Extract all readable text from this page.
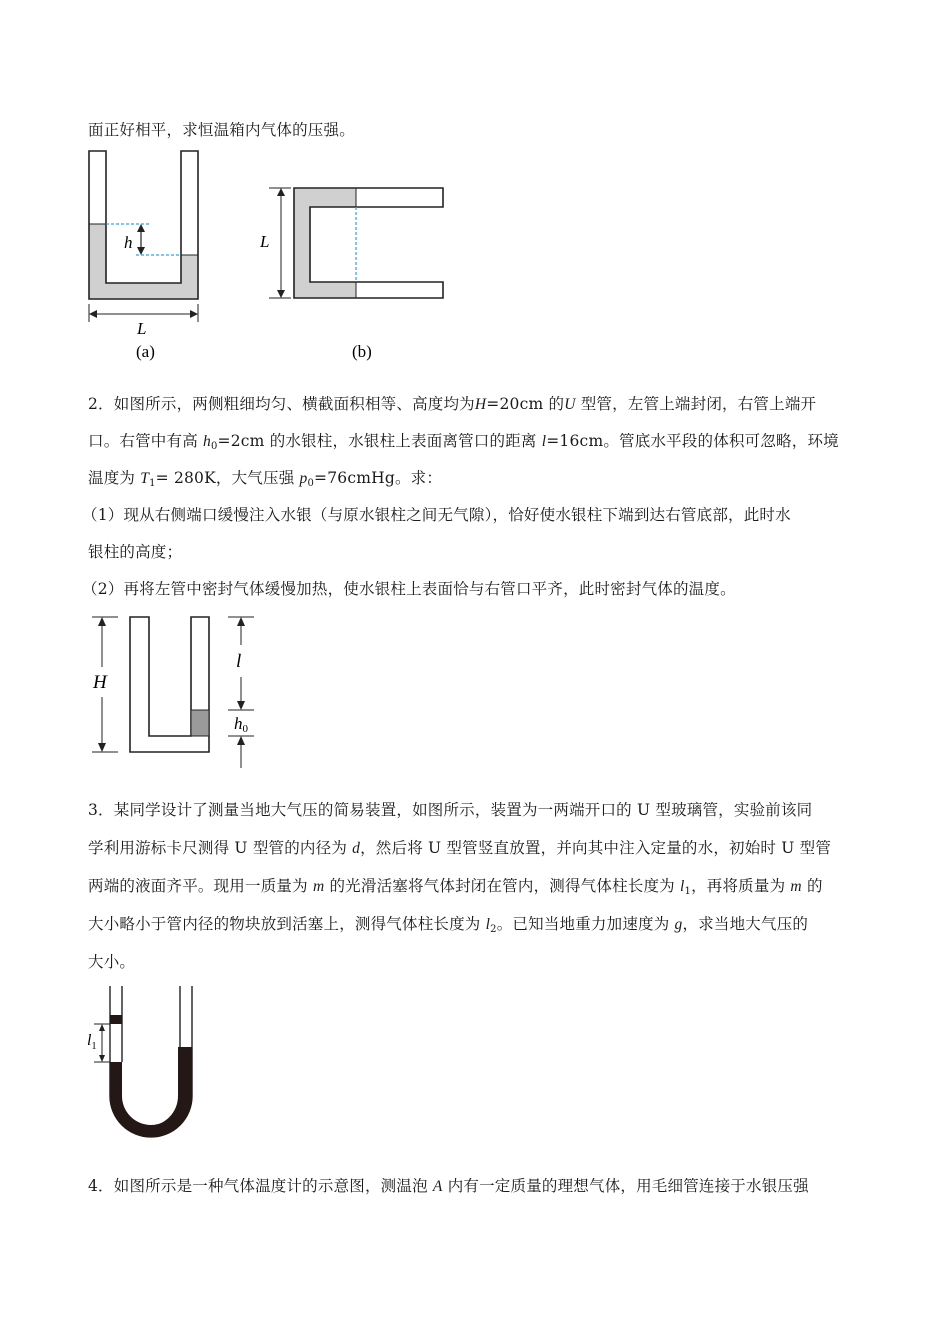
面正好相平，求恒温箱内气体的压强。
h
L
(a)
L
(b)
2．如图所示，两侧粗细均匀、横截面积相等、高度均为H=20cm 的U 型管，左管上端封闭，右管上端开
口。右管中有高 $h_0=2cm$ 的水银柱，水银柱上表面离管口的距离 l=16cm。管底水平段的体积可忽略，环境
温度为 $T_1= 280K$，大气压强 $p_0=76cmHg$。求：
（1）现从右侧端口缓慢注入水银（与原水银柱之间无气隙），恰好使水银柱下端到达右管底部，此时水
银柱的高度；
（2）再将左管中密封气体缓慢加热，使水银柱上表面恰与右管口平齐，此时密封气体的温度。
H
l
h0
3．某同学设计了测量当地大气压的简易装置，如图所示，装置为一两端开口的 U 型玻璃管，实验前该同
学利用游标卡尺测得 U 型管的内径为 d，然后将 U 型管竖直放置，并向其中注入定量的水，初始时 U 型管
两端的液面齐平。现用一质量为 m 的光滑活塞将气体封闭在管内，测得气体柱长度为 $l_1$，再将质量为 m 的
大小略小于管内径的物块放到活塞上，测得气体柱长度为 $l_2$。已知当地重力加速度为 g，求当地大气压的
大小。
$l_1$
4．如图所示是一种气体温度计的示意图，测温泡 A 内有一定质量的理想气体，用毛细管连接于水银压强
